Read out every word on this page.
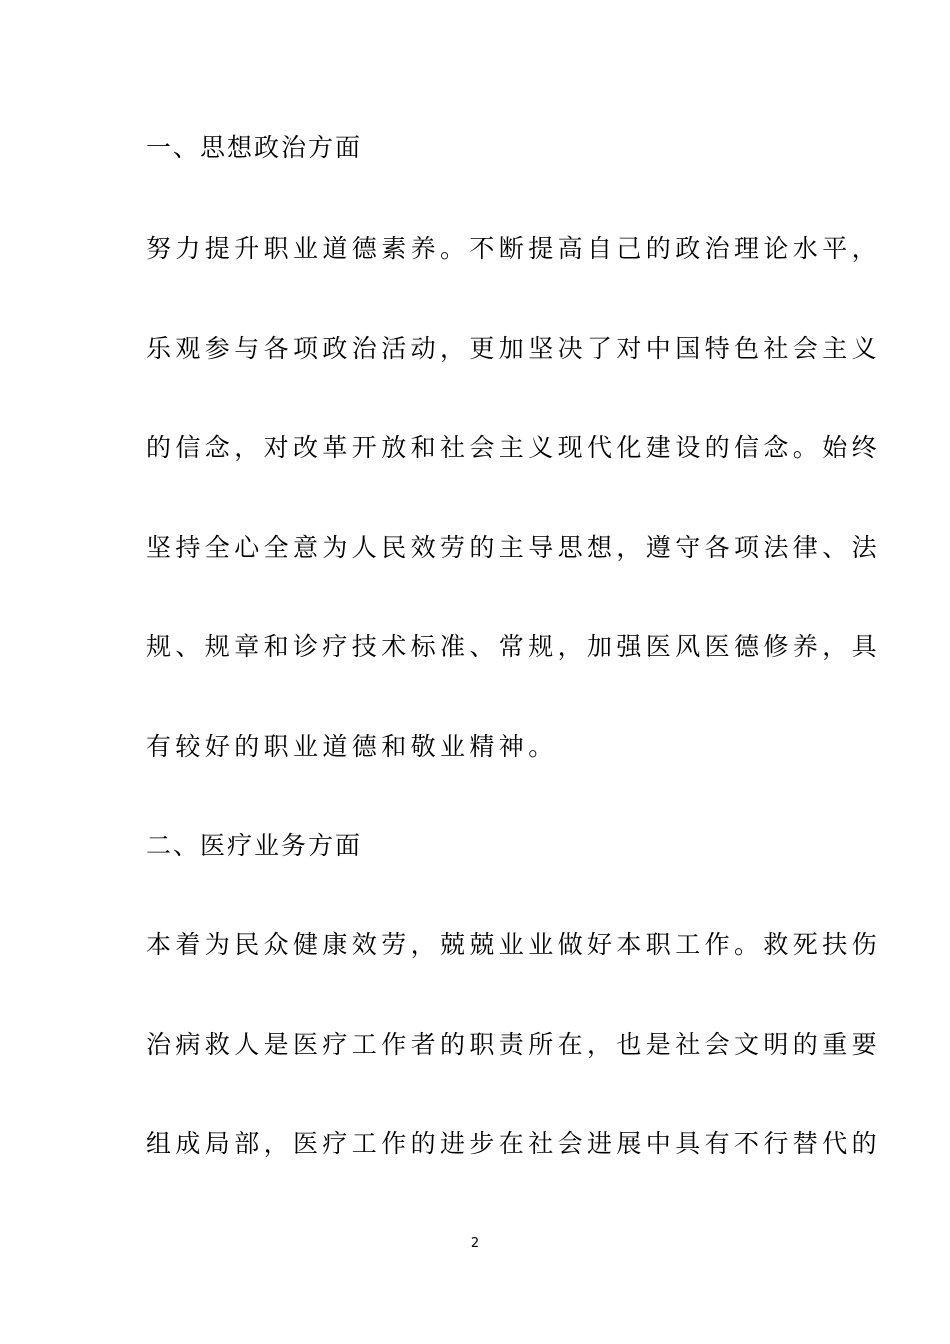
一、思想政治方面
努力提升职业道德素养。不断提高自己的政治理论水平，
乐观参与各项政治活动，更加坚决了对中国特色社会主义
的信念，对改革开放和社会主义现代化建设的信念。始终
坚持全心全意为人民效劳的主导思想，遵守各项法律、法
规、规章和诊疗技术标准、常规，加强医风医德修养，具
有较好的职业道德和敬业精神。
二、医疗业务方面
本着为民众健康效劳，兢兢业业做好本职工作。救死扶伤
治病救人是医疗工作者的职责所在，也是社会文明的重要
组成局部，医疗工作的进步在社会进展中具有不行替代的
2
